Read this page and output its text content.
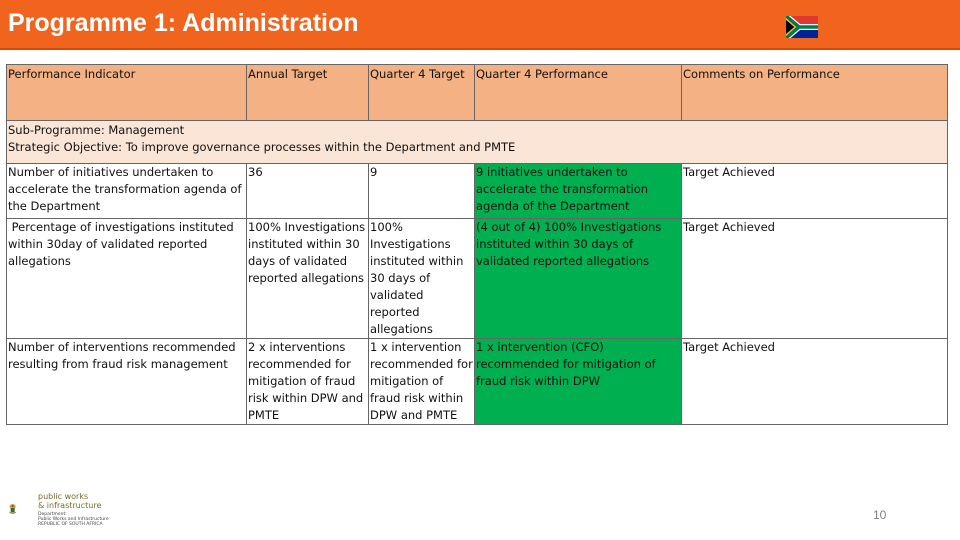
Programme 1: Administration
Performance Indicator	Annual Target	Quarter 4 Target	Quarter 4 Performance	Comments on Performance

Sub-Programme: Management
Strategic Objective: To improve governance processes within the Department and PMTE				

Number of initiatives undertaken to accelerate the transformation agenda of the Department	36	9	9 initiatives undertaken to accelerate the transformation agenda of the Department	Target Achieved
Percentage of investigations instituted within 30day of validated reported allegations	100% Investigations instituted within 30 days of validated reported allegations	100% Investigations instituted within 30 days of validated reported allegations	(4 out of 4) 100% Investigations instituted within 30 days of validated reported allegations	Target Achieved
Number of interventions recommended resulting from fraud risk management	2 x interventions recommended for mitigation of fraud risk within DPW and PMTE	1 x intervention recommended for mitigation of fraud risk within DPW and PMTE	1 x intervention (CFO) recommended for mitigation of fraud risk within DPW	Target Achieved
public works
& infrastructure
Department:
Public Works and Infrastructure
REPUBLIC OF SOUTH AFRICA
10
